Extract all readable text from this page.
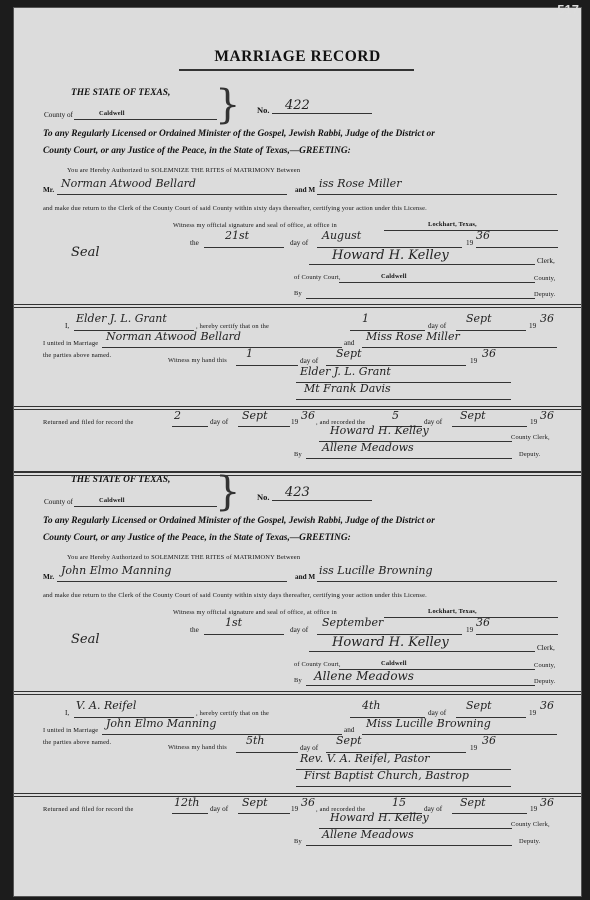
517
MARRIAGE RECORD
THE STATE OF TEXAS,
County of	Caldwell } No. 422
To any Regularly Licensed or Ordained Minister of the Gospel, Jewish Rabbi, Judge of the District or
County Court, or any Justice of the Peace, in the State of Texas,—GREETING:
You are Hereby Authorized to SOLEMNIZE THE RITES of MATRIMONY Between
Mr. Norman Atwood Bellard	and M iss Rose Miller
and make due return to the Clerk of the County Court of said County within sixty days thereafter, certifying your action under this License.
Witness my official signature and seal of office, at office in	Lockhart, Texas,
the
21st
day of
August
19
36
Seal	Howard H. Kelley	Clerk,
of County Court,	Caldwell	County,
By	Deputy.
I,
Elder J. L. Grant
, hereby certify that on the
1
day of
Sept
19
36
I united in Marriage
Norman Atwood Bellard	and Miss Rose Miller
the parties above named.
Witness my hand this
1
day of
Sept
19
36
Elder J. L. Grant
Mt Frank Davis
Returned and filed for record the
2	day of Sept	19 36
, and recorded the
5	day of Sept	19 36
Howard H. Kelley
County Clerk,
By
Allene Meadows
Deputy.
THE STATE OF TEXAS,
County of	Caldwell } No. 423
To any Regularly Licensed or Ordained Minister of the Gospel, Jewish Rabbi, Judge of the District or
County Court, or any Justice of the Peace, in the State of Texas,—GREETING:
You are Hereby Authorized to SOLEMNIZE THE RITES of MATRIMONY Between
Mr. John Elmo Manning	and M iss Lucille Browning
and make due return to the Clerk of the County Court of said County within sixty days thereafter, certifying your action under this License.
Witness my official signature and seal of office, at office in	Lockhart, Texas,
the
1st
day of
September
19
36
Seal	Howard H. Kelley	Clerk,
of County Court,	Caldwell	County,
By Allene Meadows	Deputy.
I,
V. A. Reifel
, hereby certify that on the
4th
day of
Sept
19
36
I united in Marriage
John Elmo Manning	and Miss Lucille Browning
the parties above named.
Witness my hand this
5th
day of
Sept
19
36
Rev. V. A. Reifel, Pastor
First Baptist Church, Bastrop
Returned and filed for record the
12th day of Sept	19 36
, and recorded the
15	day of Sept	19 36
Howard H. Kelley
County Clerk,
By
Allene Meadows
Deputy.
